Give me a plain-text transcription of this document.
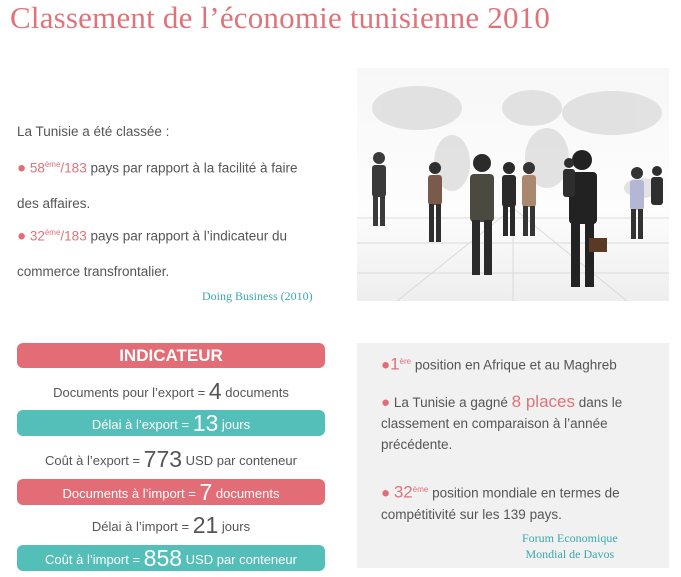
Classement de l’économie tunisienne 2010
La Tunisie a été classée :
● 58ème/183 pays par rapport à la facilité à faire
des affaires.
● 32ème/183 pays par rapport à l’indicateur du
commerce transfrontalier.
Doing Business (2010)
INDICATEUR
Documents pour l’export = 4 documents
Délai à l’export = 13 jours
Coût à l’export = 773 USD par conteneur
Documents à l’import = 7 documents
Délai à l’import = 21 jours
Coût à l’import = 858 USD par conteneur
●1ère position en Afrique et au Maghreb
● La Tunisie a gagné 8 places dans le classement en comparaison à l’année précédente.
● 32ème position mondiale en termes de compétitivité sur les 139 pays.
Forum Economique
Mondial de Davos
